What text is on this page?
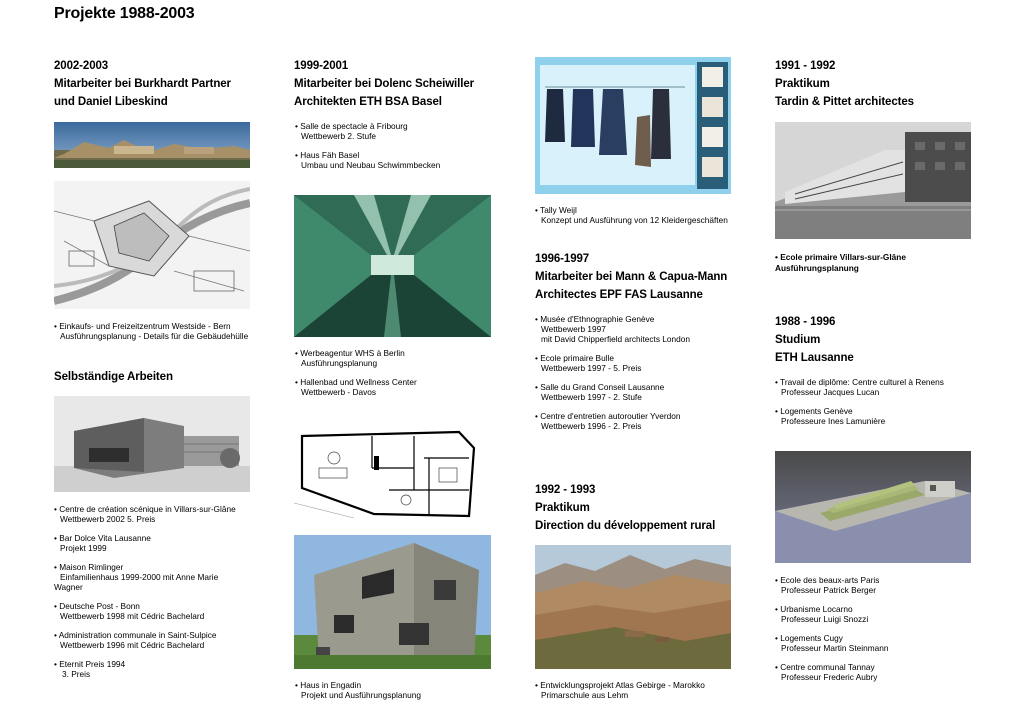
Projekte 1988-2003
2002-2003
Mitarbeiter bei Burkhardt Partner
und Daniel Libeskind
• Einkaufs- und Freizeitzentrum Westside - Bern
Ausführungsplanung - Details für die Gebäudehülle
Selbständige Arbeiten
• Centre de création scénique in Villars-sur-Glâne
Wettbewerb 2002 5. Preis
• Bar Dolce Vita Lausanne
Projekt 1999
• Maison Rimlinger
Einfamilienhaus 1999-2000 mit Anne Marie
Wagner
• Deutsche Post - Bonn
Wettbewerb 1998 mit Cédric Bachelard
• Administration communale in Saint-Sulpice
Wettbewerb 1996 mit Cédric Bachelard
• Eternit Preis 1994
3. Preis
1999-2001
Mitarbeiter bei Dolenc Scheiwiller
Architekten ETH BSA Basel
• Salle de spectacle à Fribourg
Wettbewerb 2. Stufe
• Haus Fäh Basel
Umbau und Neubau Schwimmbecken
• Werbeagentur WHS à Berlin
Ausführungsplanung
• Hallenbad und Wellness Center
Wettbewerb - Davos
• Haus in Engadin
Projekt und Ausführungsplanung
• Tally Weijl
Konzept und Ausführung von 12 Kleidergeschäften
1996-1997
Mitarbeiter bei Mann & Capua-Mann
Architectes EPF FAS Lausanne
• Musée d'Ethnographie Genève
Wettbewerb 1997
mit David Chipperfield architects London
• Ecole primaire Bulle
Wettbewerb 1997 - 5. Preis
• Salle du Grand Conseil Lausanne
Wettbewerb 1997 - 2. Stufe
• Centre d'entretien autoroutier Yverdon
Wettbewerb 1996 - 2. Preis
1992 - 1993
Praktikum
Direction du développement rural
• Entwicklungsprojekt Atlas Gebirge - Marokko
Primarschule aus Lehm
1991 - 1992
Praktikum
Tardin & Pittet architectes
• Ecole primaire Villars-sur-Glâne
Ausführungsplanung
1988 - 1996
Studium
ETH Lausanne
• Travail de diplôme: Centre culturel à Renens
Professeur Jacques Lucan
• Logements Genève
Professeure Ines Lamunière
• Ecole des beaux-arts Paris
Professeur Patrick Berger
• Urbanisme Locarno
Professeur Luigi Snozzi
• Logements Cugy
Professeur Martin Steinmann
• Centre communal Tannay
Professeur Frederic Aubry
